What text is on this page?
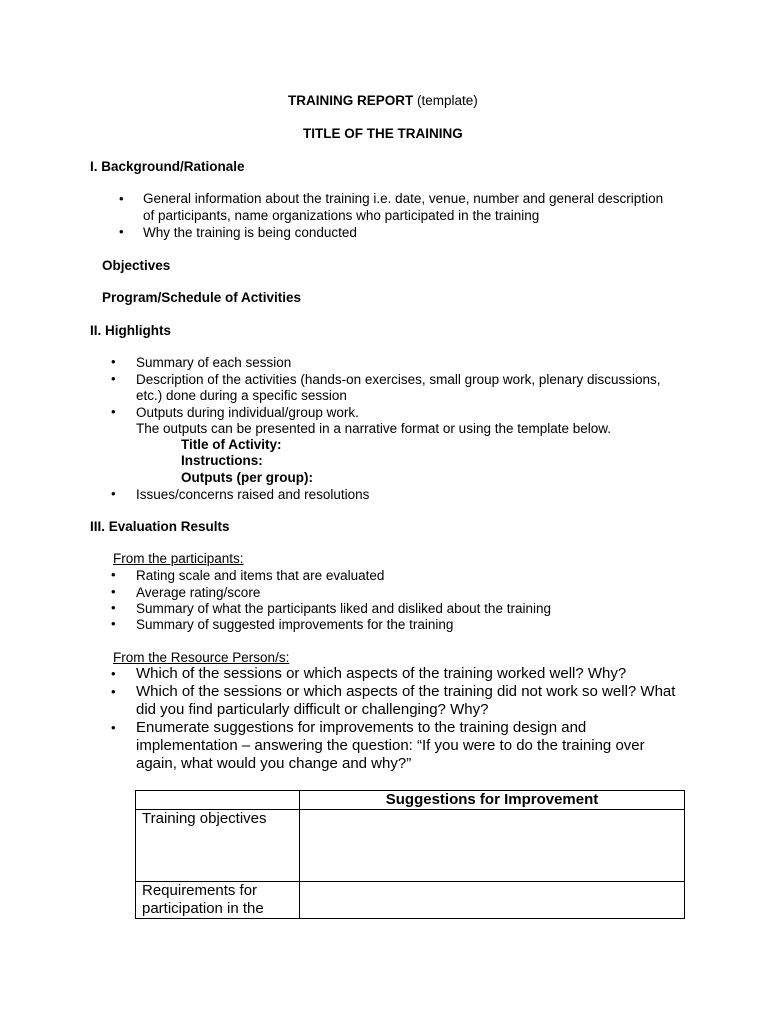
TRAINING REPORT (template)
TITLE OF THE TRAINING
I. Background/Rationale
• General information about the training i.e. date, venue, number and general description
of participants, name organizations who participated in the training
• Why the training is being conducted
Objectives
Program/Schedule of Activities
II. Highlights
• Summary of each session
• Description of the activities (hands-on exercises, small group work, plenary discussions,
etc.) done during a specific session
• Outputs during individual/group work.
The outputs can be presented in a narrative format or using the template below.
Title of Activity:
Instructions:
Outputs (per group):
• Issues/concerns raised and resolutions
III. Evaluation Results
From the participants:
• Rating scale and items that are evaluated
• Average rating/score
• Summary of what the participants liked and disliked about the training
• Summary of suggested improvements for the training
From the Resource Person/s:
• Which of the sessions or which aspects of the training worked well? Why?
• Which of the sessions or which aspects of the training did not work so well? What
did you find particularly difficult or challenging? Why?
• Enumerate suggestions for improvements to the training design and
implementation – answering the question: “If you were to do the training over
again, what would you change and why?”
	Suggestions for Improvement
Training objectives	

Requirements for
participation in the	
